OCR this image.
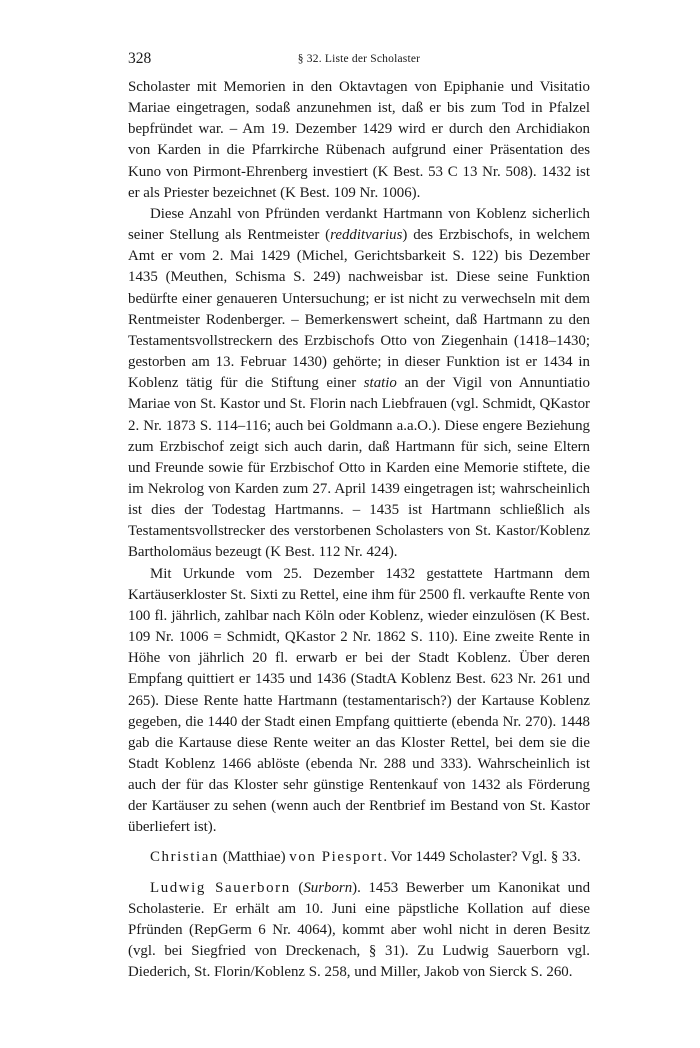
328	§ 32. Liste der Scholaster

Scholaster mit Memorien in den Oktavtagen von Epiphanie und Visitatio Mariae eingetragen, sodaß anzunehmen ist, daß er bis zum Tod in Pfalzel bepfründet war. – Am 19. Dezember 1429 wird er durch den Archidiakon von Karden in die Pfarrkirche Rübenach aufgrund einer Präsentation des Kuno von Pirmont-Ehrenberg investiert (K Best. 53 C 13 Nr. 508). 1432 ist er als Priester bezeichnet (K Best. 109 Nr. 1006).

Diese Anzahl von Pfründen verdankt Hartmann von Koblenz sicherlich seiner Stellung als Rentmeister (redditvarius) des Erzbischofs, in welchem Amt er vom 2. Mai 1429 (Michel, Gerichtsbarkeit S. 122) bis Dezember 1435 (Meuthen, Schisma S. 249) nachweisbar ist. Diese seine Funktion bedürfte einer genaueren Untersuchung; er ist nicht zu verwechseln mit dem Rentmeister Rodenberger. – Bemerkenswert scheint, daß Hartmann zu den Testamentsvollstreckern des Erzbischofs Otto von Ziegenhain (1418–1430; gestorben am 13. Februar 1430) gehörte; in dieser Funktion ist er 1434 in Koblenz tätig für die Stiftung einer statio an der Vigil von Annuntiatio Mariae von St. Kastor und St. Florin nach Liebfrauen (vgl. Schmidt, QKastor 2. Nr. 1873 S. 114–116; auch bei Goldmann a.a.O.). Diese engere Beziehung zum Erzbischof zeigt sich auch darin, daß Hartmann für sich, seine Eltern und Freunde sowie für Erzbischof Otto in Karden eine Memorie stiftete, die im Nekrolog von Karden zum 27. April 1439 eingetragen ist; wahrscheinlich ist dies der Todestag Hartmanns. – 1435 ist Hartmann schließlich als Testamentsvollstrecker des verstorbenen Scholasters von St. Kastor/Koblenz Bartholomäus bezeugt (K Best. 112 Nr. 424).

Mit Urkunde vom 25. Dezember 1432 gestattete Hartmann dem Kartäuserkloster St. Sixti zu Rettel, eine ihm für 2500 fl. verkaufte Rente von 100 fl. jährlich, zahlbar nach Köln oder Koblenz, wieder einzulösen (K Best. 109 Nr. 1006 = Schmidt, QKastor 2 Nr. 1862 S. 110). Eine zweite Rente in Höhe von jährlich 20 fl. erwarb er bei der Stadt Koblenz. Über deren Empfang quittiert er 1435 und 1436 (StadtA Koblenz Best. 623 Nr. 261 und 265). Diese Rente hatte Hartmann (testamentarisch?) der Kartause Koblenz gegeben, die 1440 der Stadt einen Empfang quittierte (ebenda Nr. 270). 1448 gab die Kartause diese Rente weiter an das Kloster Rettel, bei dem sie die Stadt Koblenz 1466 ablöste (ebenda Nr. 288 und 333). Wahrscheinlich ist auch der für das Kloster sehr günstige Rentenkauf von 1432 als Förderung der Kartäuser zu sehen (wenn auch der Rentbrief im Bestand von St. Kastor überliefert ist).

Christian (Matthiae) von Piesport. Vor 1449 Scholaster? Vgl. § 33.

Ludwig Sauerborn (Surborn). 1453 Bewerber um Kanonikat und Scholasterie. Er erhält am 10. Juni eine päpstliche Kollation auf diese Pfründen (RepGerm 6 Nr. 4064), kommt aber wohl nicht in deren Besitz (vgl. bei Siegfried von Dreckenach, § 31). Zu Ludwig Sauerborn vgl. Diederich, St. Florin/Koblenz S. 258, und Miller, Jakob von Sierck S. 260.
